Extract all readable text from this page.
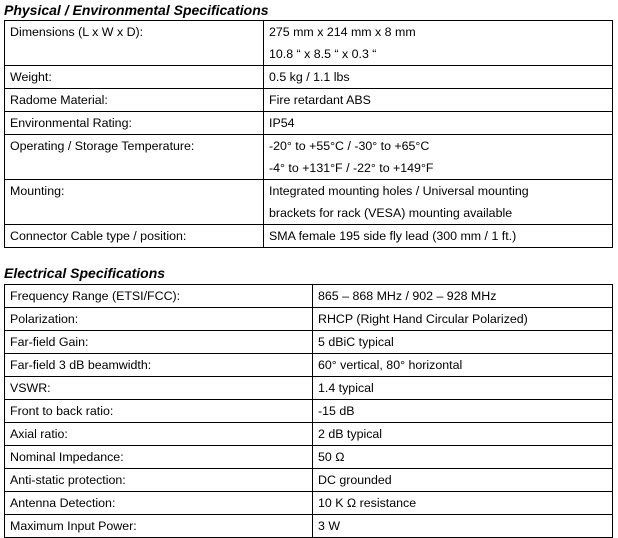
Physical / Environmental Specifications
Dimensions (L x W x D):	275 mm x 214 mm x 8 mm
10.8 “ x 8.5 “ x 0.3 “

Weight:	0.5 kg / 1.1 lbs

Radome Material:	Fire retardant ABS

Environmental Rating:	IP54

Operating / Storage Temperature:	-20° to +55°C / -30° to +65°C
-4° to +131°F / -22° to +149°F

Mounting:	Integrated mounting holes / Universal mounting
brackets for rack (VESA) mounting available

Connector Cable type / position:	SMA female 195 side fly lead (300 mm / 1 ft.)
Electrical Specifications
Frequency Range (ETSI/FCC):	865 – 868 MHz / 902 – 928 MHz

Polarization:	RHCP (Right Hand Circular Polarized)

Far-field Gain:	5 dBiC typical

Far-field 3 dB beamwidth:	60° vertical, 80° horizontal

VSWR:	1.4 typical

Front to back ratio:	-15 dB

Axial ratio:	2 dB typical

Nominal Impedance:	50 Ω

Anti-static protection:	DC grounded

Antenna Detection:	10 K Ω resistance

Maximum Input Power:	3 W
